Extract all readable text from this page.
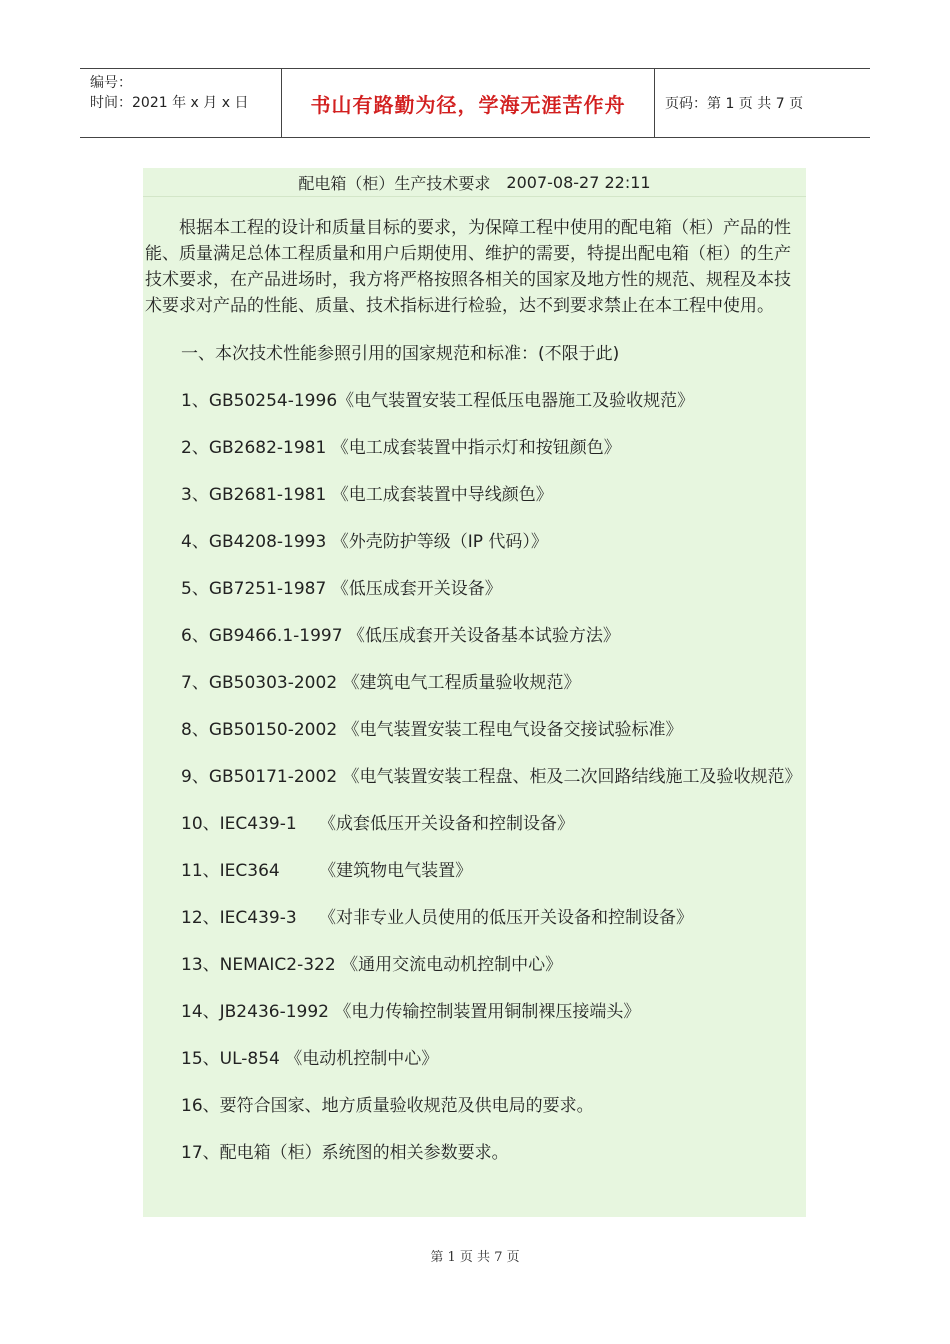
编号：
时间：2021 年 x 月 x 日	书山有路勤为径，学海无涯苦作舟	页码：第 1 页 共 7 页
配电箱（柜）生产技术要求 2007-08-27 22:11

根据本工程的设计和质量目标的要求，为保障工程中使用的配电箱（柜）产品的性能、质量满足总体工程质量和用户后期使用、维护的需要，特提出配电箱（柜）的生产技术要求，在产品进场时，我方将严格按照各相关的国家及地方性的规范、规程及本技术要求对产品的性能、质量、技术指标进行检验，达不到要求禁止在本工程中使用。

一、本次技术性能参照引用的国家规范和标准：(不限于此)

1、GB50254-1996《电气装置安装工程低压电器施工及验收规范》

2、GB2682-1981 《电工成套装置中指示灯和按钮颜色》

3、GB2681-1981 《电工成套装置中导线颜色》

4、GB4208-1993 《外壳防护等级（IP 代码）》

5、GB7251-1987 《低压成套开关设备》

6、GB9466.1-1997 《低压成套开关设备基本试验方法》

7、GB50303-2002 《建筑电气工程质量验收规范》

8、GB50150-2002 《电气装置安装工程电气设备交接试验标准》

9、GB50171-2002 《电气装置安装工程盘、柜及二次回路结线施工及验收规范》

10、IEC439-1　 《成套低压开关设备和控制设备》

11、IEC364　　 《建筑物电气装置》

12、IEC439-3　 《对非专业人员使用的低压开关设备和控制设备》

13、NEMAIC2-322 《通用交流电动机控制中心》

14、JB2436-1992 《电力传输控制装置用铜制裸压接端头》

15、UL-854 《电动机控制中心》

16、要符合国家、地方质量验收规范及供电局的要求。

17、配电箱（柜）系统图的相关参数要求。

第 1 页 共 7 页
